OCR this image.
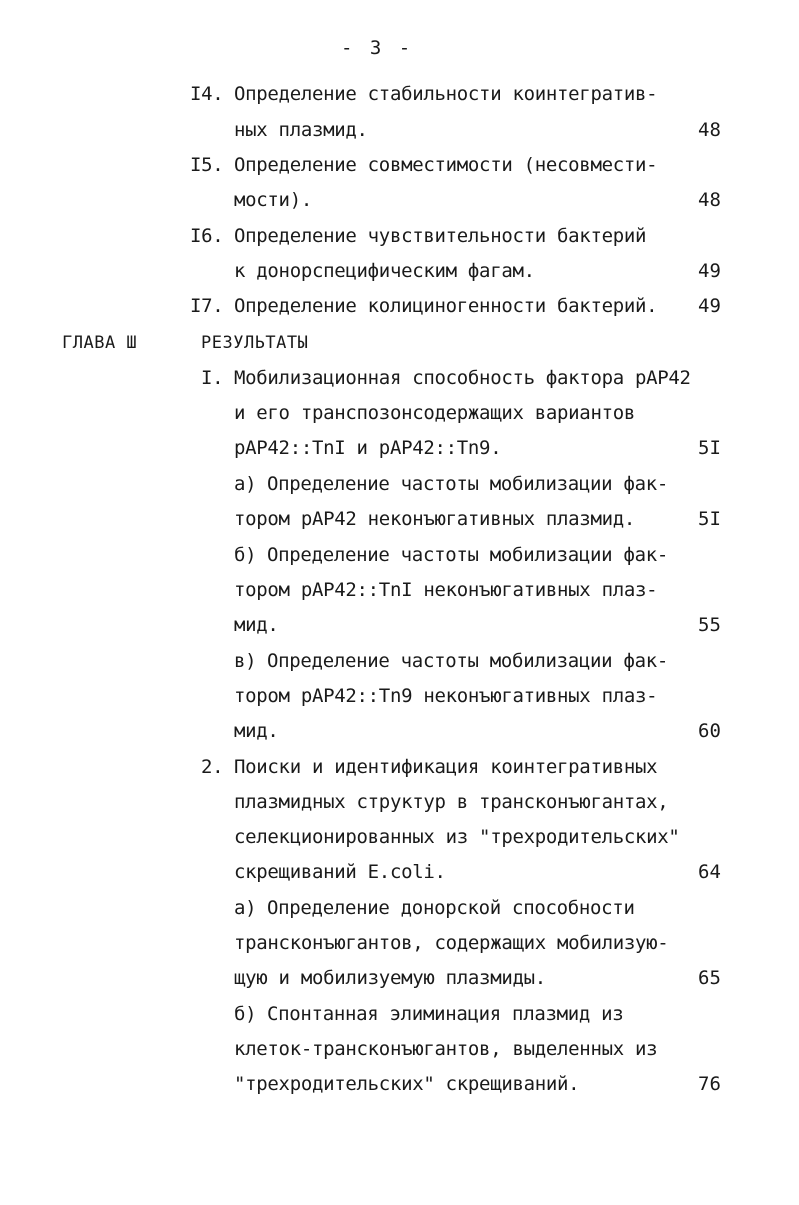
- 3 -
I4. Определение стабильности коинтегратив-
ных плазмид.	48
I5. Определение совместимости (несовмести-
мости).	48
I6. Определение чувствительности бактерий
к донорспецифическим фагам.	49
I7. Определение колициногенности бактерий. 49
ГЛАВА Ш	РЕЗУЛЬТАТЫ
I. Мобилизационная способность фактора рАР42
и его транспозонсодержащих вариантов
рАР42::TnI и рАР42::Tn9.	5I
а) Определение частоты мобилизации фак-
тором рАР42 неконъюгативных плазмид.	5I
б) Определение частоты мобилизации фак-
тором рАР42::TnI неконъюгативных плаз-
мид.	55
в) Определение частоты мобилизации фак-
тором рАР42::Tn9 неконъюгативных плаз-
мид.	60
2. Поиски и идентификация коинтегративных
плазмидных структур в трансконъюгантах,
селекционированных из "трехродительских"
скрещиваний E.coli.	64
а) Определение донорской способности
трансконъюгантов, содержащих мобилизую-
щую и мобилизуемую плазмиды.	65
б) Спонтанная элиминация плазмид из
клеток-трансконъюгантов, выделенных из
"трехродительских" скрещиваний.	76
